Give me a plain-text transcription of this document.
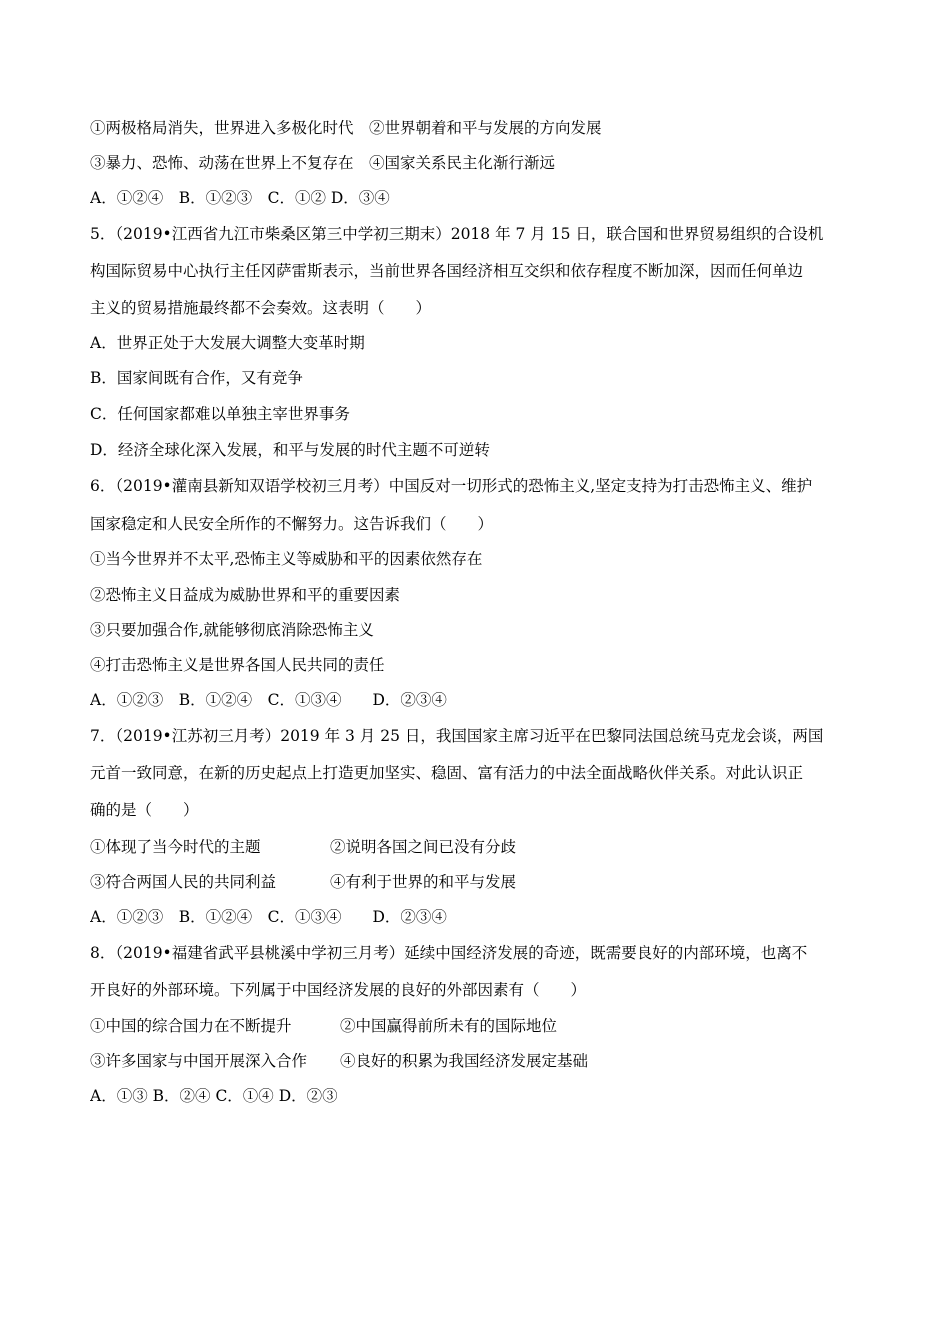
①两极格局消失，世界进入多极化时代　②世界朝着和平与发展的方向发展
③暴力、恐怖、动荡在世界上不复存在　④国家关系民主化渐行渐远
A．①②④　B．①②③　C．①② D．③④
5．（2019•江西省九江市柴桑区第三中学初三期末）2018 年 7 月 15 日，联合国和世界贸易组织的合设机
构国际贸易中心执行主任冈萨雷斯表示，当前世界各国经济相互交织和依存程度不断加深，因而任何单边
主义的贸易措施最终都不会奏效。这表明（　　）
A．世界正处于大发展大调整大变革时期
B．国家间既有合作，又有竞争
C．任何国家都难以单独主宰世界事务
D．经济全球化深入发展，和平与发展的时代主题不可逆转
6．（2019•灌南县新知双语学校初三月考）中国反对一切形式的恐怖主义,坚定支持为打击恐怖主义、维护
国家稳定和人民安全所作的不懈努力。这告诉我们（　　）
①当今世界并不太平,恐怖主义等威胁和平的因素依然存在
②恐怖主义日益成为威胁世界和平的重要因素
③只要加强合作,就能够彻底消除恐怖主义
④打击恐怖主义是世界各国人民共同的责任
A．①②③　B．①②④　C．①③④　　D．②③④
7．（2019•江苏初三月考）2019 年 3 月 25 日，我国国家主席习近平在巴黎同法国总统马克龙会谈，两国
元首一致同意，在新的历史起点上打造更加坚实、稳固、富有活力的中法全面战略伙伴关系。对此认识正
确的是（　　）
①体现了当今时代的主题	②说明各国之间已没有分歧
③符合两国人民的共同利益	④有利于世界的和平与发展
A．①②③　B．①②④　C．①③④　　D．②③④
8．（2019•福建省武平县桃溪中学初三月考）延续中国经济发展的奇迹，既需要良好的内部环境，也离不
开良好的外部环境。下列属于中国经济发展的良好的外部因素有（　　）
①中国的综合国力在不断提升	②中国赢得前所未有的国际地位
③许多国家与中国开展深入合作 ④良好的积累为我国经济发展定基础
A．①③ B．②④ C．①④ D．②③
